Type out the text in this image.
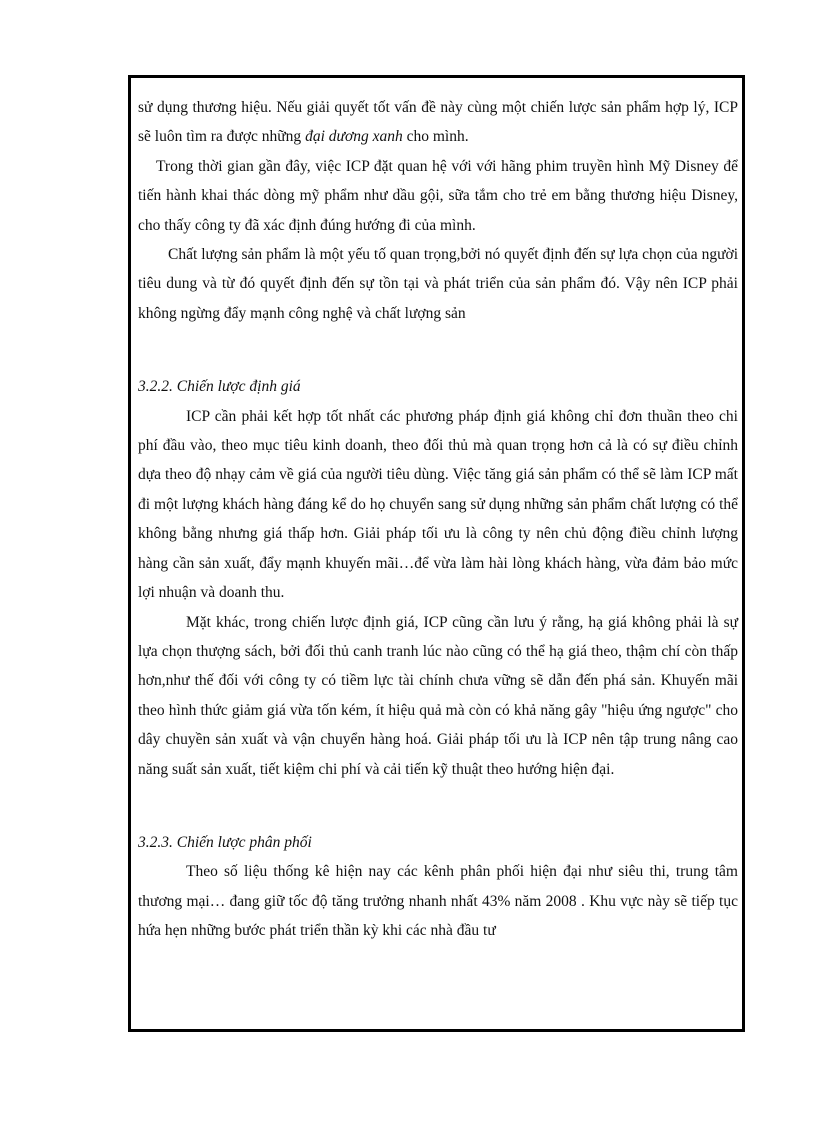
sử dụng thương hiệu. Nếu giải quyết tốt vấn đề này cùng một chiến lược sản phẩm hợp lý, ICP sẽ luôn tìm ra được những đại dương xanh cho mình.

Trong thời gian gần đây, việc ICP đặt quan hệ với với hãng phim truyền hình Mỹ Disney để tiến hành khai thác dòng mỹ phẩm như dầu gội, sữa tắm cho trẻ em bằng thương hiệu Disney, cho thấy công ty đã xác định đúng hướng đi của mình.

Chất lượng sản phẩm là một yếu tố quan trọng,bởi nó quyết định đến sự lựa chọn của người tiêu dung và từ đó quyết định đến sự tồn tại và phát triển của sản phẩm đó. Vậy nên ICP phải không ngừng đẩy mạnh công nghệ và chất lượng sản

3.2.2. Chiến lược định giá

ICP cần phải kết hợp tốt nhất các phương pháp định giá không chỉ đơn thuần theo chi phí đầu vào, theo mục tiêu kinh doanh, theo đối thủ mà quan trọng hơn cả là có sự điều chỉnh dựa theo độ nhạy cảm về giá của người tiêu dùng. Việc tăng giá sản phẩm có thể sẽ làm ICP mất đi một lượng khách hàng đáng kể do họ chuyển sang sử dụng những sản phẩm chất lượng có thể không bằng nhưng giá thấp hơn. Giải pháp tối ưu là công ty nên chủ động điều chỉnh lượng hàng cần sản xuất, đẩy mạnh khuyến mãi…để vừa làm hài lòng khách hàng, vừa đảm bảo mức lợi nhuận và doanh thu.

Mặt khác, trong chiến lược định giá, ICP cũng cần lưu ý rằng, hạ giá không phải là sự lựa chọn thượng sách, bởi đối thủ canh tranh lúc nào cũng có thể hạ giá theo, thậm chí còn thấp hơn,như thế đối với công ty có tiềm lực tài chính chưa vững sẽ dẫn đến phá sản. Khuyến mãi theo hình thức giảm giá vừa tốn kém, ít hiệu quả mà còn có khả năng gây "hiệu ứng ngược" cho dây chuyền sản xuất và vận chuyển hàng hoá. Giải pháp tối ưu là ICP nên tập trung nâng cao năng suất sản xuất, tiết kiệm chi phí và cải tiến kỹ thuật theo hướng hiện đại.

3.2.3. Chiến lược phân phối

Theo số liệu thống kê hiện nay các kênh phân phối hiện đại như siêu thi, trung tâm thương mại… đang giữ tốc độ tăng trưởng nhanh nhất 43% năm 2008 . Khu vực này sẽ tiếp tục hứa hẹn những bước phát triển thần kỳ khi các nhà đầu tư
